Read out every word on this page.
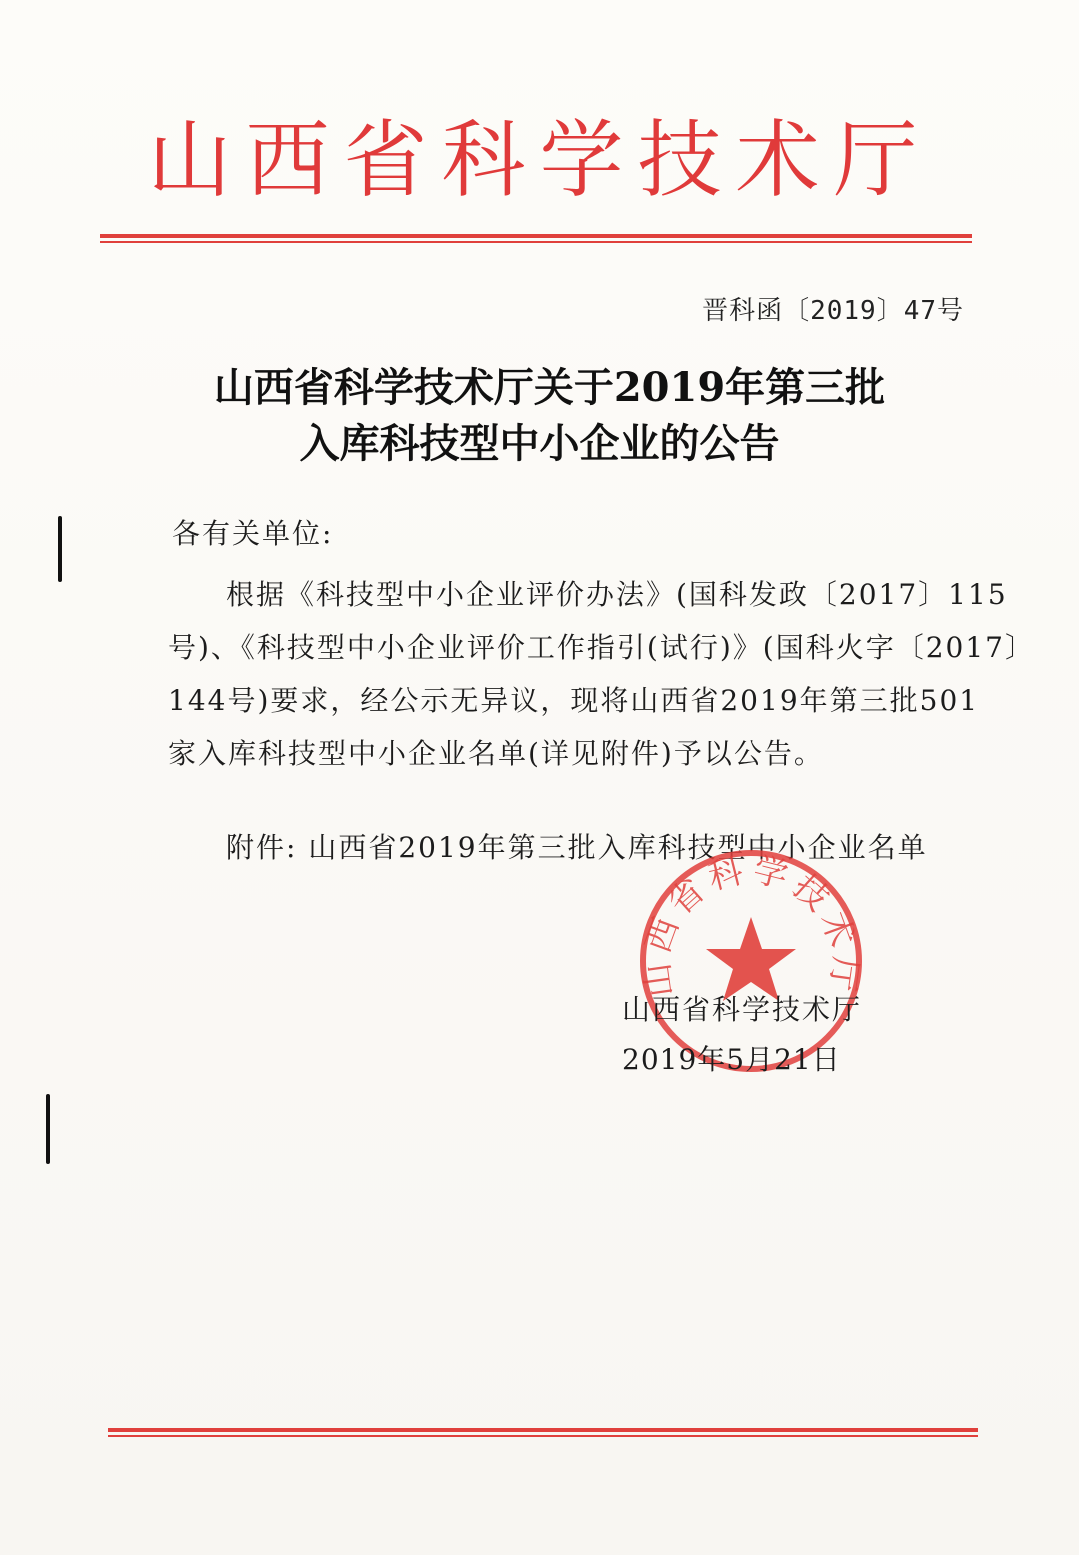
山西省科学技术厅
晋科函〔2019〕47号
山西省科学技术厅关于2019年第三批
入库科技型中小企业的公告
各有关单位:
根据《科技型中小企业评价办法》(国科发政〔2017〕115
号)、《科技型中小企业评价工作指引(试行)》(国科火字〔2017〕
144号)要求，经公示无异议，现将山西省2019年第三批501
家入库科技型中小企业名单(详见附件)予以公告。
附件: 山西省2019年第三批入库科技型中小企业名单
山西省科学技术厅
山西省科学技术厅
2019年5月21日
